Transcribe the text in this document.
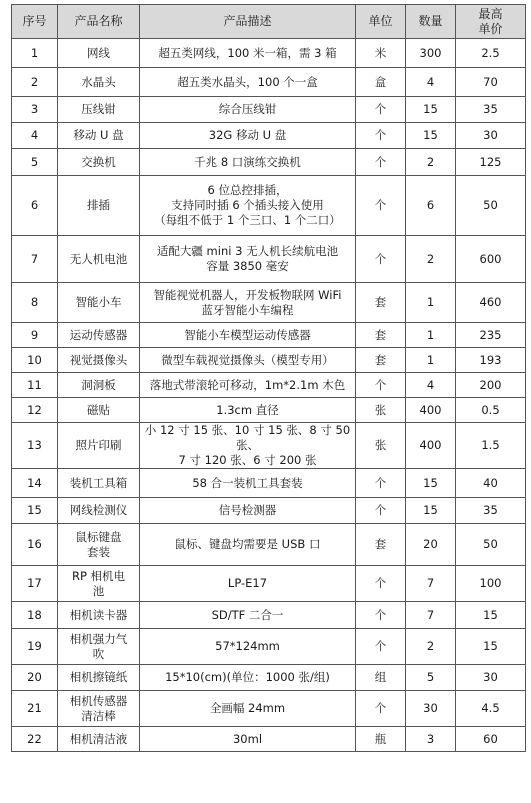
序号	产品名称	产品描述	单位	数量	最高
单价
1	网线	超五类网线，100 米一箱，需 3 箱	米	300	2.5
2	水晶头	超五类水晶头，100 个一盒	盒	4	70
3	压线钳	综合压线钳	个	15	35
4	移动 U 盘	32G 移动 U 盘	个	15	30
5	交换机	千兆 8 口演练交换机	个	2	125
6	排插	6 位总控排插，
支持同时插 6 个插头接入使用
（每组不低于 1 个三口、1 个二口）	个	6	50
7	无人机电池	适配大疆 mini 3 无人机长续航电池
容量 3850 毫安	个	2	600
8	智能小车	智能视觉机器人，开发板物联网 WiFi
蓝牙智能小车编程	套	1	460
9	运动传感器	智能小车模型运动传感器	套	1	235
10	视觉摄像头	微型车载视觉摄像头（模型专用）	套	1	193
11	洞洞板	落地式带滚轮可移动，1m*2.1m 木色	个	4	200
12	磁贴	1.3cm 直径	张	400	0.5
13	照片印刷	小 12 寸 15 张、10 寸 15 张、8 寸 50 张、
7 寸 120 张、6 寸 200 张	张	400	1.5
14	装机工具箱	58 合一装机工具套装	个	15	40
15	网线检测仪	信号检测器	个	15	35
16	鼠标键盘
套装	鼠标、键盘均需要是 USB 口	套	20	50
17	RP 相机电
池	LP-E17	个	7	100
18	相机读卡器	SD/TF 二合一	个	7	15
19	相机强力气
吹	57*124mm	个	2	15
20	相机擦镜纸	15*10(cm)(单位：1000 张/组)	组	5	30
21	相机传感器
清洁棒	全画幅 24mm	个	30	4.5
22	相机清洁液	30ml	瓶	3	60
